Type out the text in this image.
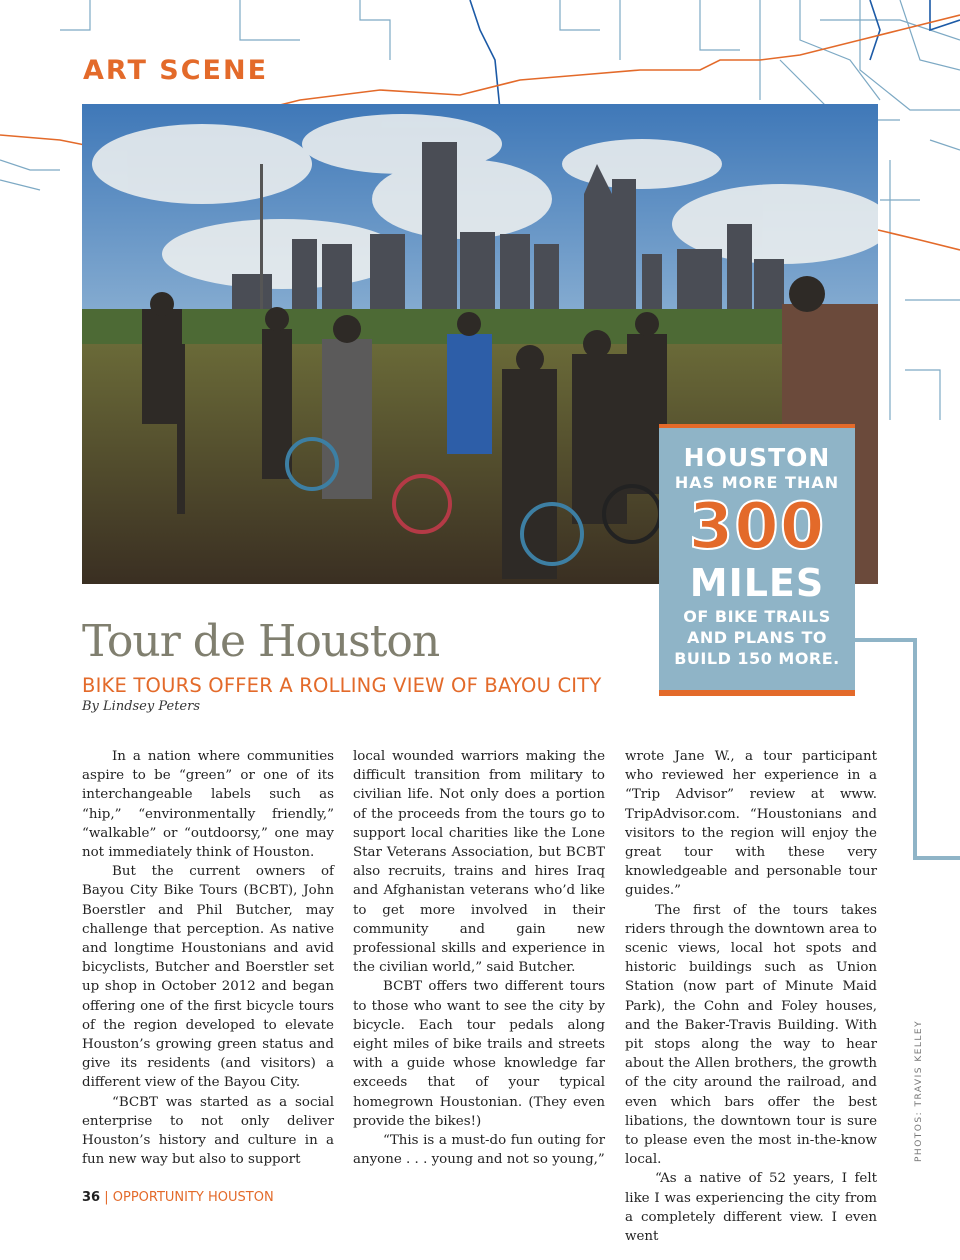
ART SCENE
HOUSTON
HAS MORE THAN
300
MILES
OF BIKE TRAILS AND PLANS TO BUILD 150 MORE.
Tour de Houston
BIKE TOURS OFFER A ROLLING VIEW OF BAYOU CITY
By Lindsey Peters

In a nation where communities aspire to be “green” or one of its interchangeable labels such as “hip,” “environmentally friendly,” “walkable” or “outdoorsy,” one may not immediately think of Houston.

But the current owners of Bayou City Bike Tours (BCBT), John Boerstler and Phil Butcher, may challenge that perception. As native and longtime Houstonians and avid bicyclists, Butcher and Boerstler set up shop in October 2012 and began offering one of the first bicycle tours of the region developed to elevate Houston’s growing green status and give its residents (and visitors) a different view of the Bayou City.

“BCBT was started as a social enterprise to not only deliver Houston’s history and culture in a fun new way but also to support

local wounded warriors making the difficult transition from military to civilian life. Not only does a portion of the proceeds from the tours go to support local charities like the Lone Star Veterans Association, but BCBT also recruits, trains and hires Iraq and Afghanistan veterans who’d like to get more involved in their community and gain new professional skills and experience in the civilian world,” said Butcher.

BCBT offers two different tours to those who want to see the city by bicycle. Each tour pedals along eight miles of bike trails and streets with a guide whose knowledge far exceeds that of your typical homegrown Houstonian. (They even provide the bikes!)

“This is a must-do fun outing for anyone . . . young and not so young,”

wrote Jane W., a tour participant who reviewed her experience in a “Trip Advisor” review at www. TripAdvisor.com. “Houstonians and visitors to the region will enjoy the great tour with these very knowledgeable and personable tour guides.”

The first of the tours takes riders through the downtown area to scenic views, local hot spots and historic buildings such as Union Station (now part of Minute Maid Park), the Cohn and Foley houses, and the Baker-Travis Building. With pit stops along the way to hear about the Allen brothers, the growth of the city around the railroad, and even which bars offer the best libations, the downtown tour is sure to please even the most in-the-know local.

“As a native of 52 years, I felt like I was experiencing the city from a completely different view. I even went

36 | OPPORTUNITY HOUSTON
PHOTOS: TRAVIS KELLEY
